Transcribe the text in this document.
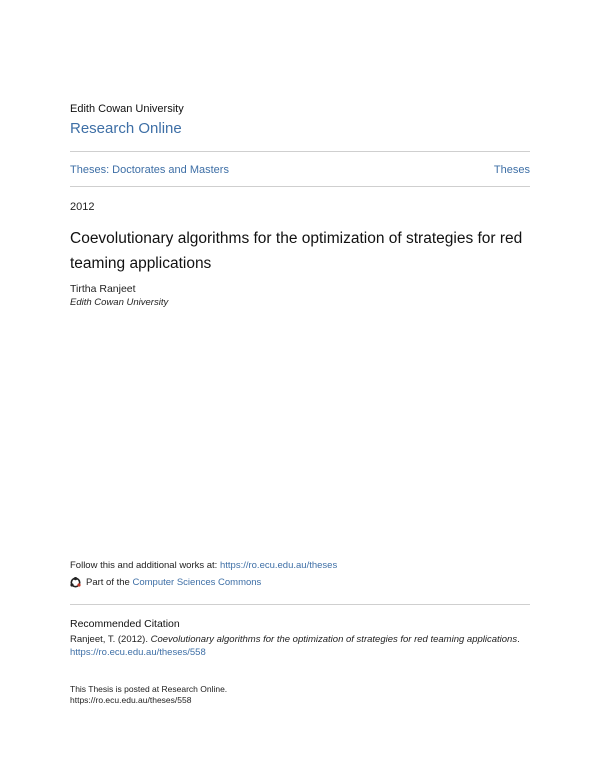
Edith Cowan University
Research Online
Theses: Doctorates and Masters	Theses
2012
Coevolutionary algorithms for the optimization of strategies for red teaming applications
Tirtha Ranjeet
Edith Cowan University
Follow this and additional works at: https://ro.ecu.edu.au/theses
Part of the
Computer Sciences Commons
Recommended Citation
Ranjeet, T. (2012). Coevolutionary algorithms for the optimization of strategies for red teaming applications. https://ro.ecu.edu.au/theses/558
This Thesis is posted at Research Online.
https://ro.ecu.edu.au/theses/558
